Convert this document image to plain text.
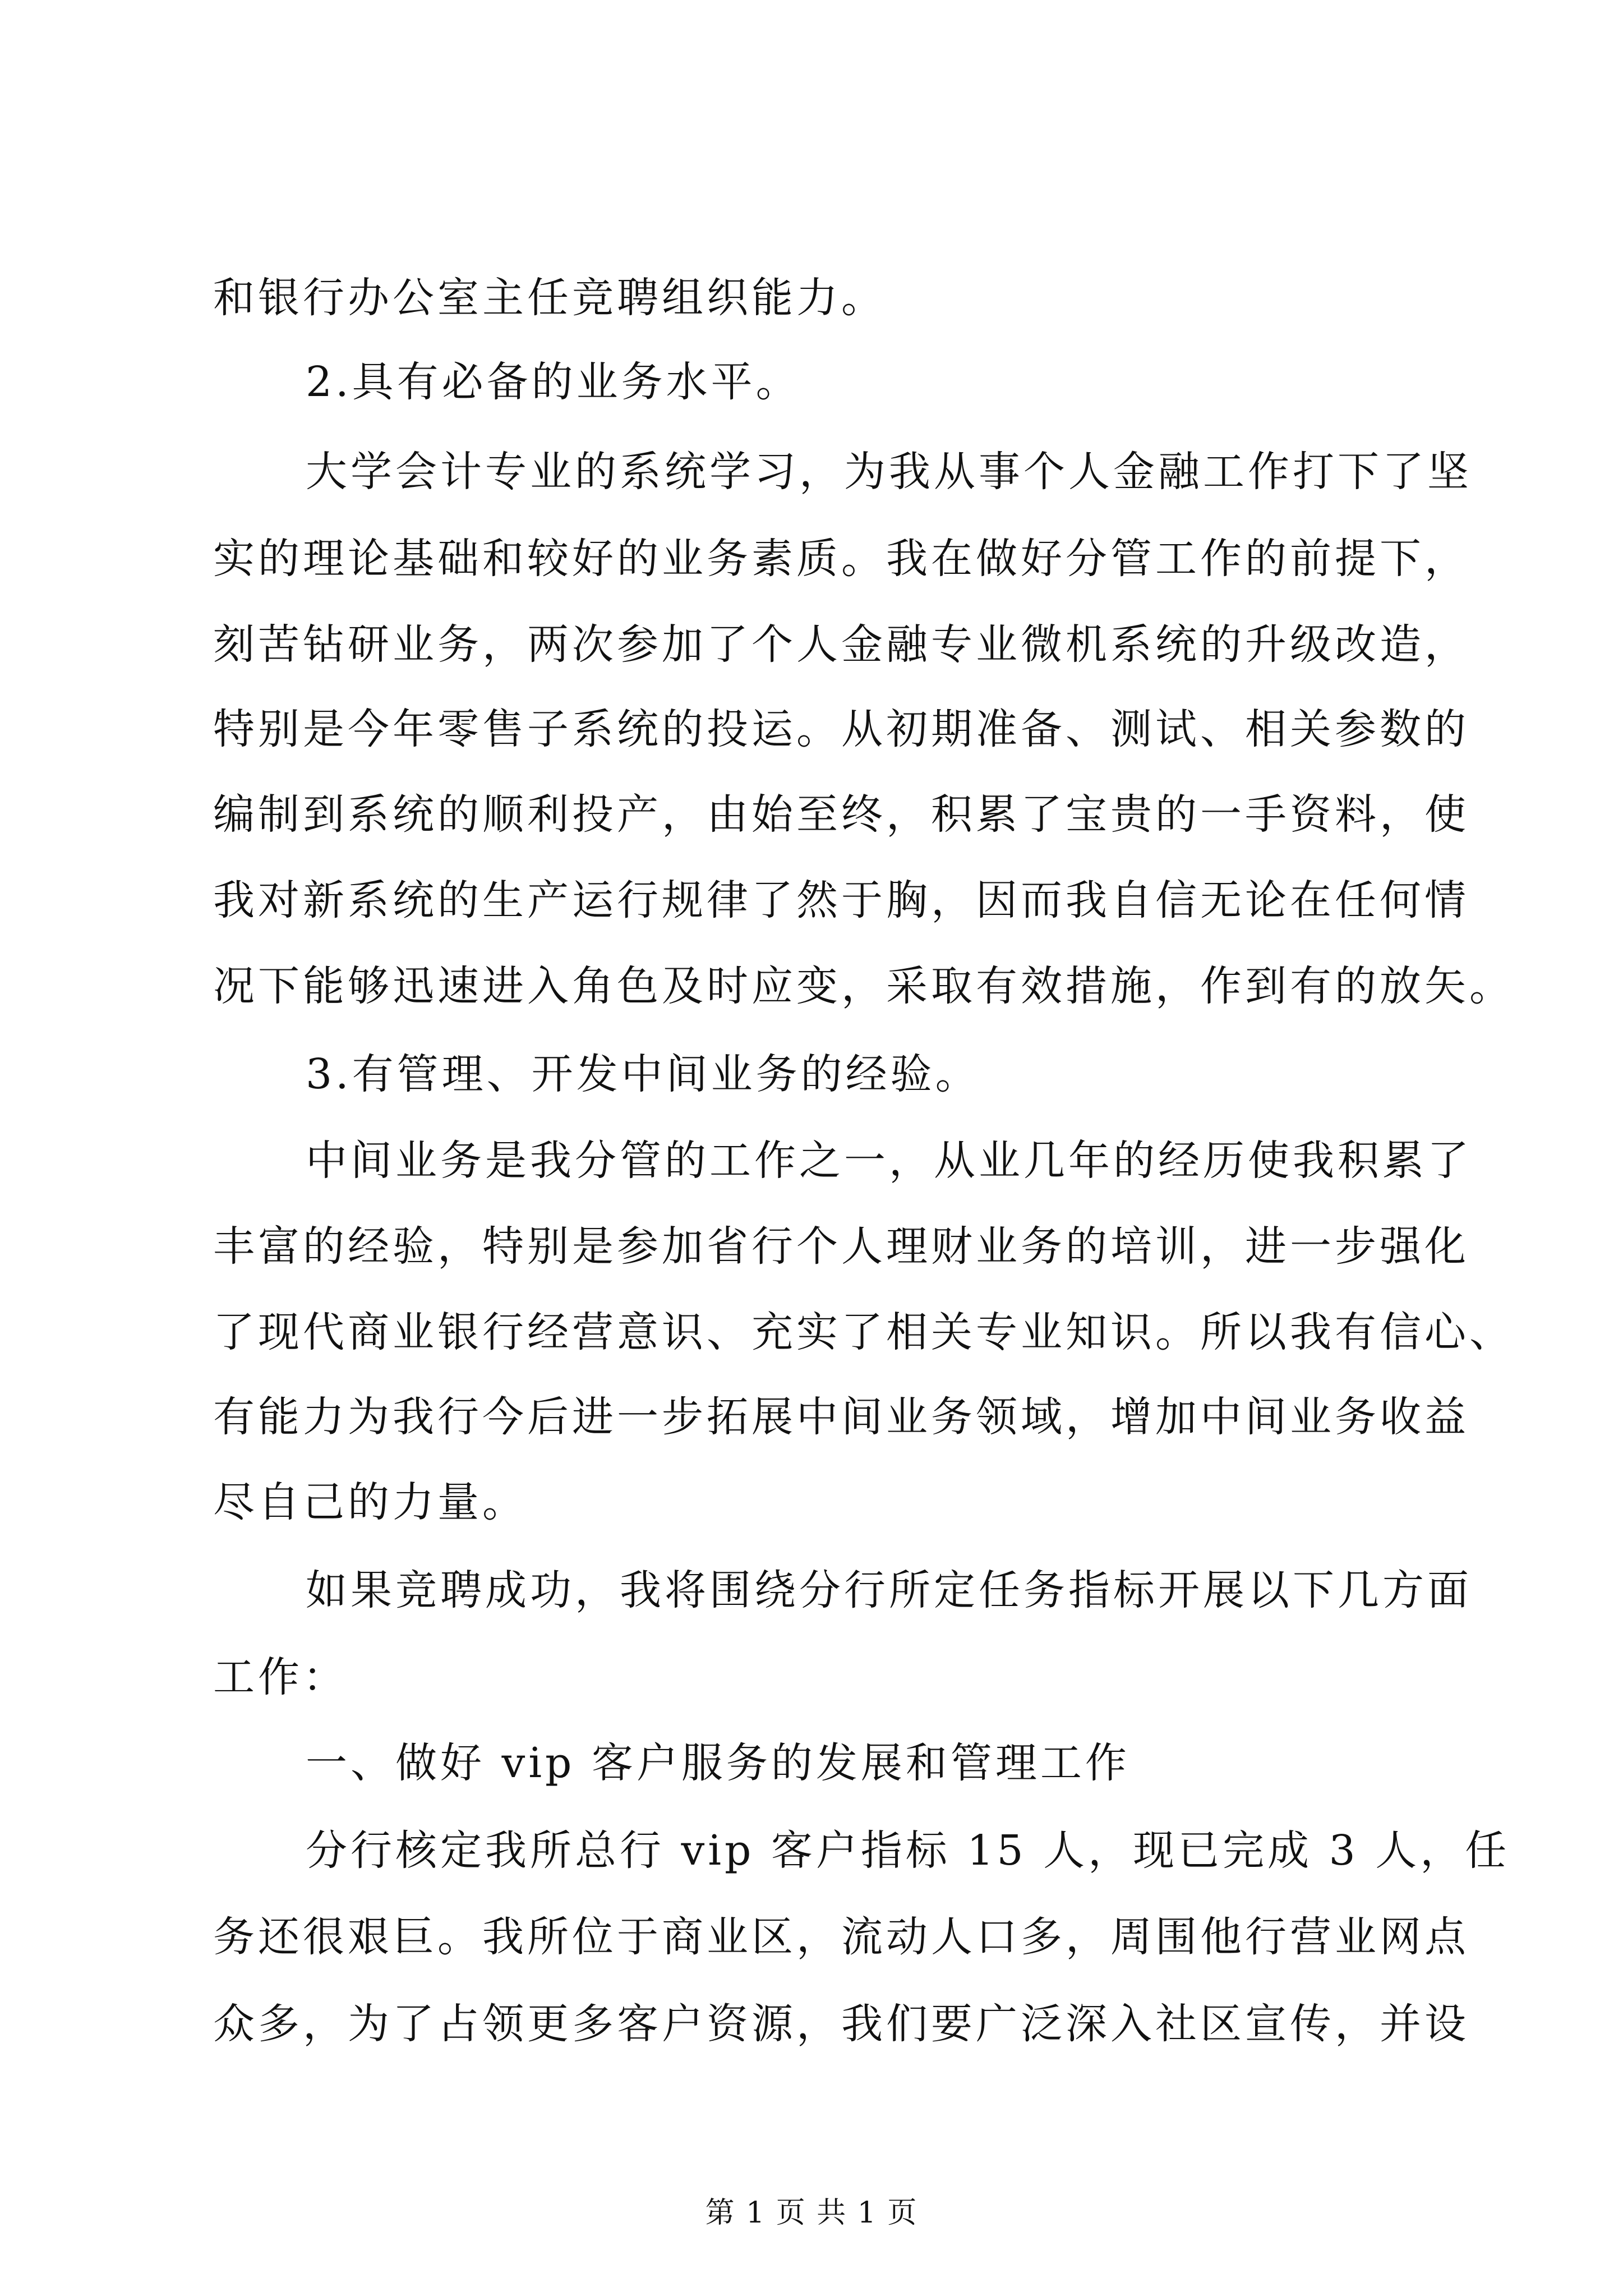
和银行办公室主任竞聘组织能力。
2.具有必备的业务水平。
大学会计专业的系统学习，为我从事个人金融工作打下了坚
实的理论基础和较好的业务素质。我在做好分管工作的前提下，
刻苦钻研业务，两次参加了个人金融专业微机系统的升级改造，
特别是今年零售子系统的投运。从初期准备、测试、相关参数的
编制到系统的顺利投产，由始至终，积累了宝贵的一手资料，使
我对新系统的生产运行规律了然于胸，因而我自信无论在任何情
况下能够迅速进入角色及时应变，采取有效措施，作到有的放矢。
3.有管理、开发中间业务的经验。
中间业务是我分管的工作之一，从业几年的经历使我积累了
丰富的经验，特别是参加省行个人理财业务的培训，进一步强化
了现代商业银行经营意识、充实了相关专业知识。所以我有信心、
有能力为我行今后进一步拓展中间业务领域，增加中间业务收益
尽自己的力量。
如果竞聘成功，我将围绕分行所定任务指标开展以下几方面
工作：
一、做好 vip 客户服务的发展和管理工作
分行核定我所总行 vip 客户指标 15 人，现已完成 3 人，任
务还很艰巨。我所位于商业区，流动人口多，周围他行营业网点
众多，为了占领更多客户资源，我们要广泛深入社区宣传，并设
第 1 页 共 1 页
